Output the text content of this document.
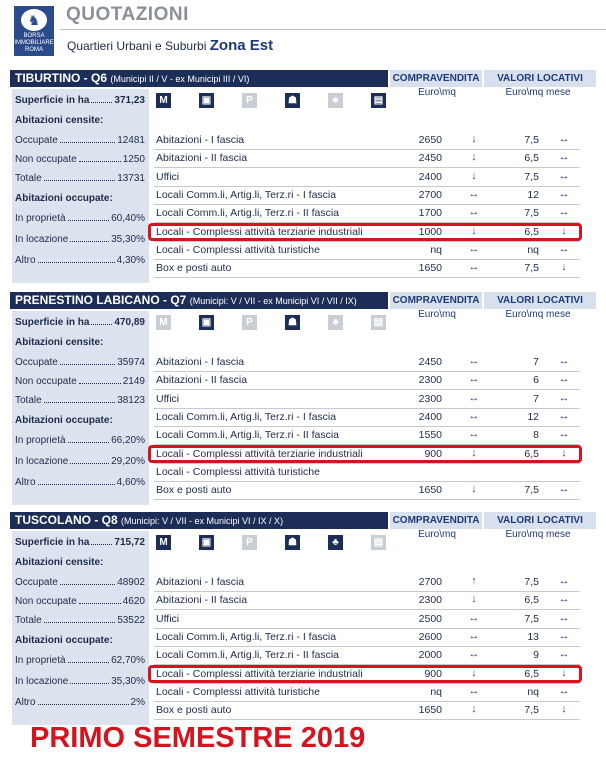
♞
BORSA
IMMOBILIARE
ROMA
QUOTAZIONI
Quartieri Urbani e Suburbi Zona Est
TIBURTINO - Q6 (Municipi II / V - ex Municipi III / VI)	COMPRAVENDITA	VALORI LOCATIVI
Euro\mq	Euro\mq mese
Superficie in ha 371,23
Abitazioni censite:
Occupate	12481
Non occupate	1250
Totale	13731
Abitazioni occupate:
In proprietà	60,40%
In locazione	35,30%
Altro	4,30%
M	▣	P	☗	♣	▤
Abitazioni - I fascia	2650	↓	7,5	↔
Abitazioni - II fascia	2450	↓	6,5	↔
Uffici	2400	↓	7,5	↔
Locali Comm.li, Artig.li, Terz.ri - I fascia	2700	↔	12	↔
Locali Comm.li, Artig.li, Terz.ri - II fascia	1700	↔	7,5	↔
Locali - Complessi attività terziarie industriali	1000	↓	6,5	↓
Locali - Complessi attività turistiche	nq	↔	nq	↔
Box e posti auto	1650	↔	7,5	↓
PRENESTINO LABICANO - Q7 (Municipi: V / VII - ex Municipi VI / VII / IX)	COMPRAVENDITA	VALORI LOCATIVI
Euro\mq	Euro\mq mese
Superficie in ha 470,89
Abitazioni censite:
Occupate	35974
Non occupate	2149
Totale	38123
Abitazioni occupate:
In proprietà	66,20%
In locazione	29,20%
Altro	4,60%
M	▣	P	☗	♣	▤
Abitazioni - I fascia	2450	↔	7	↔
Abitazioni - II fascia	2300	↔	6	↔
Uffici	2300	↔	7	↔
Locali Comm.li, Artig.li, Terz.ri - I fascia	2400	↔	12	↔
Locali Comm.li, Artig.li, Terz.ri - II fascia	1550	↔	8	↔
Locali - Complessi attività terziarie industriali	900	↓	6,5	↓
Locali - Complessi attività turistiche
Box e posti auto	1650	↓	7,5	↔
TUSCOLANO - Q8 (Municipi: V / VII - ex Municipi VI / IX / X)	COMPRAVENDITA	VALORI LOCATIVI
Euro\mq	Euro\mq mese
Superficie in ha 715,72
Abitazioni censite:
Occupate	48902
Non occupate	4620
Totale	53522
Abitazioni occupate:
In proprietà	62,70%
In locazione	35,30%
Altro	2%
M	▣	P	☗	♣	▤
Abitazioni - I fascia	2700	↑	7,5	↔
Abitazioni - II fascia	2300	↓	6,5	↔
Uffici	2500	↔	7,5	↔
Locali Comm.li, Artig.li, Terz.ri - I fascia	2600	↔	13	↔
Locali Comm.li, Artig.li, Terz.ri - II fascia	2000	↔	9	↔
Locali - Complessi attività terziarie industriali	900	↓	6,5	↓
Locali - Complessi attività turistiche	nq	↔	nq	↔
Box e posti auto	1650	↓	7,5	↓
PRIMO SEMESTRE 2019
